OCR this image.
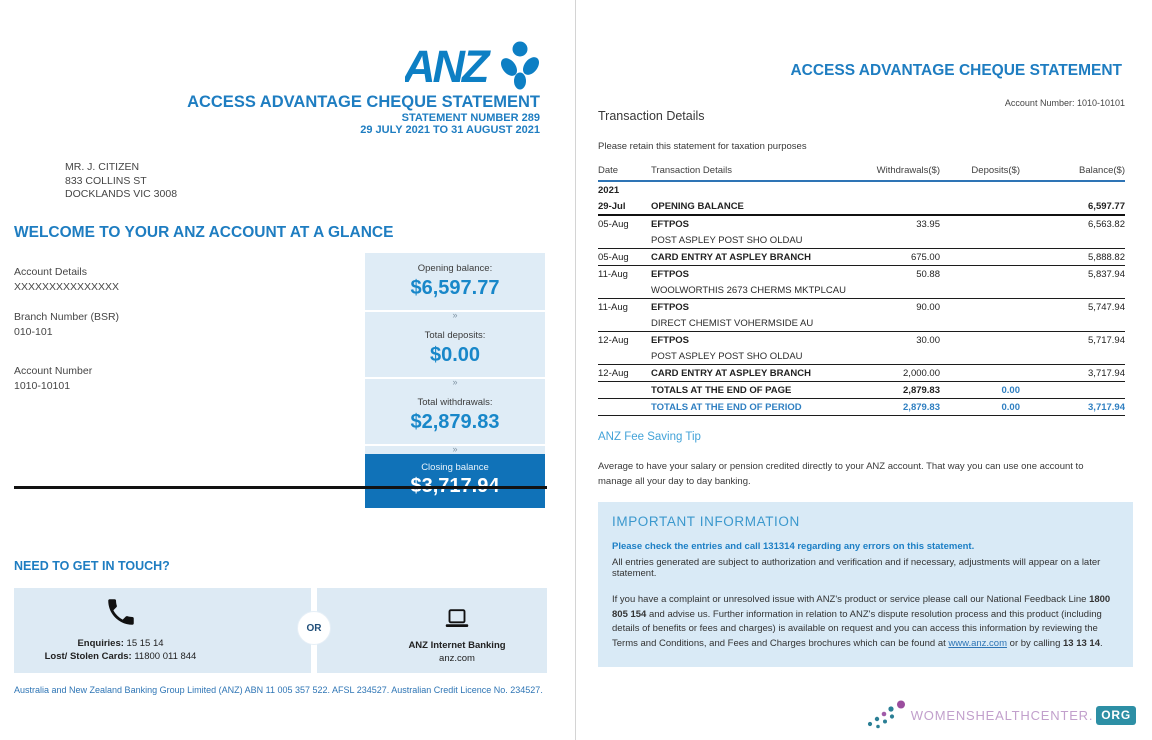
ANZ
ACCESS ADVANTAGE CHEQUE STATEMENT
STATEMENT NUMBER 289
29 JULY 2021 TO 31 AUGUST 2021
MR. J. CITIZEN
833 COLLINS ST
DOCKLANDS VIC 3008
WELCOME TO YOUR ANZ ACCOUNT AT A GLANCE
Account Details
XXXXXXXXXXXXXXX
Branch Number (BSR)
010-101
Account Number
1010-10101
Opening balance:
$6,597.77
»
Total deposits:
$0.00
»
Total withdrawals:
$2,879.83
»
Closing balance
NEED TO GET IN TOUCH?
OR
Enquiries: 15 15 14
Lost/ Stolen Cards: 11800 011 844
ANZ Internet Banking
anz.com
Australia and New Zealand Banking Group Limited (ANZ) ABN 11 005 357 522. AFSL 234527. Australian Credit Licence No. 234527.
ACCESS ADVANTAGE CHEQUE STATEMENT
Account Number: 1010-10101
Transaction Details
Please retain this statement for taxation purposes
Date	Transaction Details	Withdrawals($)	Deposits($)	Balance($)
2021				
29-Jul	OPENING BALANCE			6,597.77
05-Aug	EFTPOS	33.95		6,563.82
	POST ASPLEY POST SHO OLDAU			
05-Aug	CARD ENTRY AT ASPLEY BRANCH	675.00		5,888.82
11-Aug	EFTPOS	50.88		5,837.94
	WOOLWORTHIS 2673 CHERMS MKTPLCAU			
11-Aug	EFTPOS	90.00		5,747.94
	DIRECT CHEMIST VOHERMSIDE AU			
12-Aug	EFTPOS	30.00		5,717.94
	POST ASPLEY POST SHO OLDAU			
12-Aug	CARD ENTRY AT ASPLEY BRANCH	2,000.00		3,717.94
	TOTALS AT THE END OF PAGE	2,879.83	0.00	
	TOTALS AT THE END OF PERIOD	2,879.83	0.00	3,717.94
ANZ Fee Saving Tip
Average to have your salary or pension credited directly to your ANZ account. That way you can use one account to manage all your day to day banking.
IMPORTANT INFORMATION
Please check the entries and call 131314 regarding any errors on this statement.
All entries generated are subject to authorization and verification and if necessary, adjustments will appear on a later statement.
If you have a complaint or unresolved issue with ANZ's product or service please call our National Feedback Line 1800 805 154 and advise us. Further information in relation to ANZ's dispute resolution process and this product (including details of benefits or fees and charges) is available on request and you can access this information by reviewing the Terms and Conditions, and Fees and Charges brochures which can be found at www.anz.com or by calling 13 13 14.
WOMENSHEALTHCENTER. ORG
